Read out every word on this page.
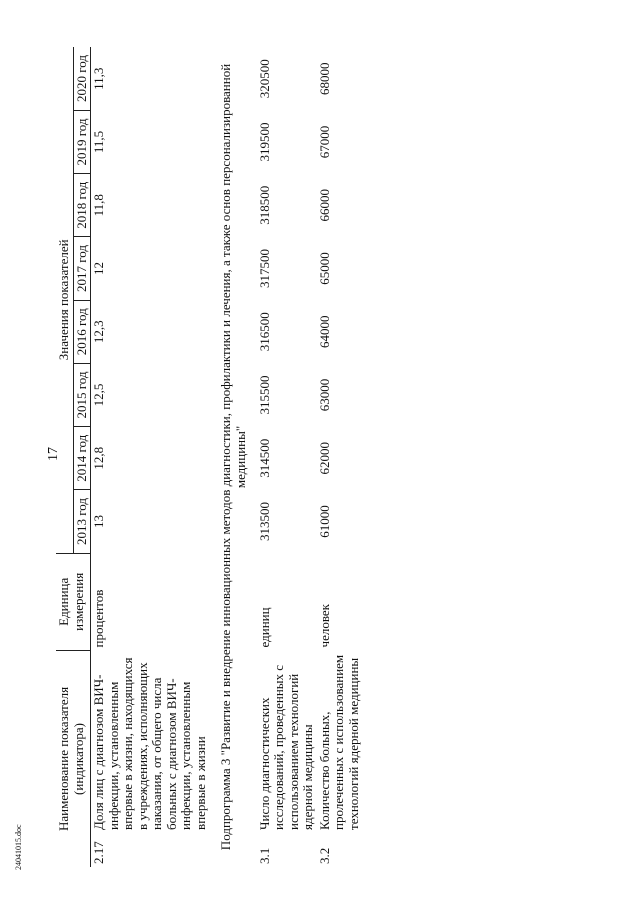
17
24041015.doc
Наименование показателя (индикатора)		Единица измерения	Значения показателей							
			2013 год	2014 год	2015 год	2016 год	2017 год	2018 год	2019 год	2020 год
2.17	Доля лиц с диагнозом ВИЧ-инфекции, установленным впервые в жизни, находящихся в учреждениях, исполняющих наказания, от общего числа больных с диагнозом ВИЧ-инфекции, установленным впервые в жизни	процентов	13	12,8	12,5	12,3	12	11,8	11,5	11,3
Подпрограмма 3 "Развитие и внедрение инновационных методов диагностики, профилактики и лечения, а также основ персонализированной медицины"										
3.1	Число диагностических исследований, проведенных с использованием технологий ядерной медицины	единиц	313500	314500	315500	316500	317500	318500	319500	320500
3.2	Количество больных, пролеченных с использованием технологий ядерной медицины	человек	61000	62000	63000	64000	65000	66000	67000	68000
